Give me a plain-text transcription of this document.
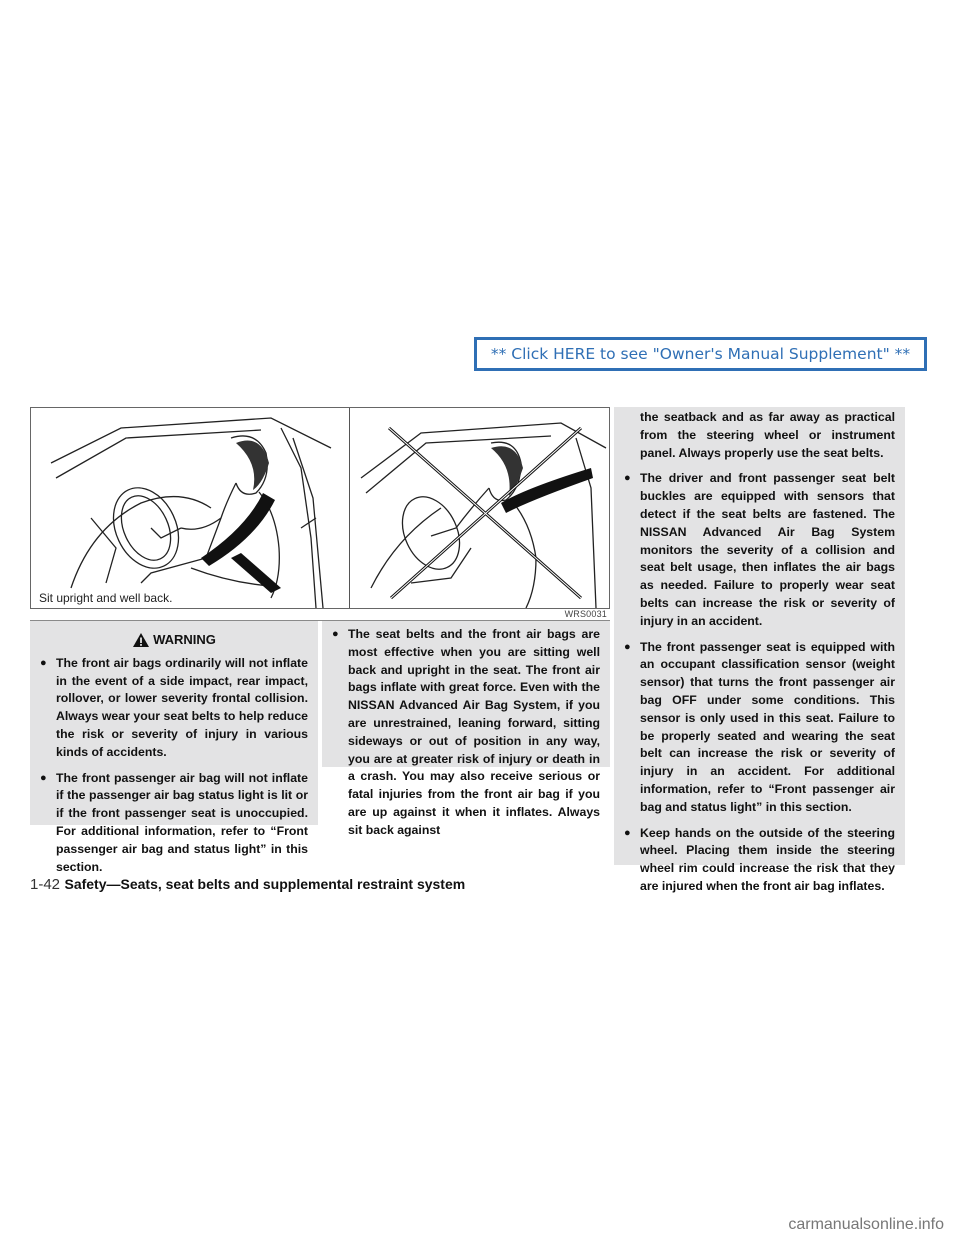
** Click HERE to see "Owner's Manual Supplement" **
Sit upright and well back.
WRS0031
WARNING
● The front air bags ordinarily will not inflate in the event of a side impact, rear impact, rollover, or lower severity frontal collision. Always wear your seat belts to help reduce the risk or severity of injury in various kinds of accidents.
● The front passenger air bag will not inflate if the passenger air bag status light is lit or if the front passenger seat is unoccupied. For additional information, refer to “Front passenger air bag and status light” in this section.
● The seat belts and the front air bags are most effective when you are sitting well back and upright in the seat. The front air bags inflate with great force. Even with the NISSAN Advanced Air Bag System, if you are unrestrained, leaning forward, sitting sideways or out of position in any way, you are at greater risk of injury or death in a crash. You may also receive serious or fatal injuries from the front air bag if you are up against it when it inflates. Always sit back against
the seatback and as far away as practical from the steering wheel or instrument panel. Always properly use the seat belts.
● The driver and front passenger seat belt buckles are equipped with sensors that detect if the seat belts are fastened. The NISSAN Advanced Air Bag System monitors the severity of a collision and seat belt usage, then inflates the air bags as needed. Failure to properly wear seat belts can increase the risk or severity of injury in an accident.
● The front passenger seat is equipped with an occupant classification sensor (weight sensor) that turns the front passenger air bag OFF under some conditions. This sensor is only used in this seat. Failure to be properly seated and wearing the seat belt can increase the risk or severity of injury in an accident. For additional information, refer to “Front passenger air bag and status light” in this section.
● Keep hands on the outside of the steering wheel. Placing them inside the steering wheel rim could increase the risk that they are injured when the front air bag inflates.
1-42 Safety—Seats, seat belts and supplemental restraint system
carmanualsonline.info
